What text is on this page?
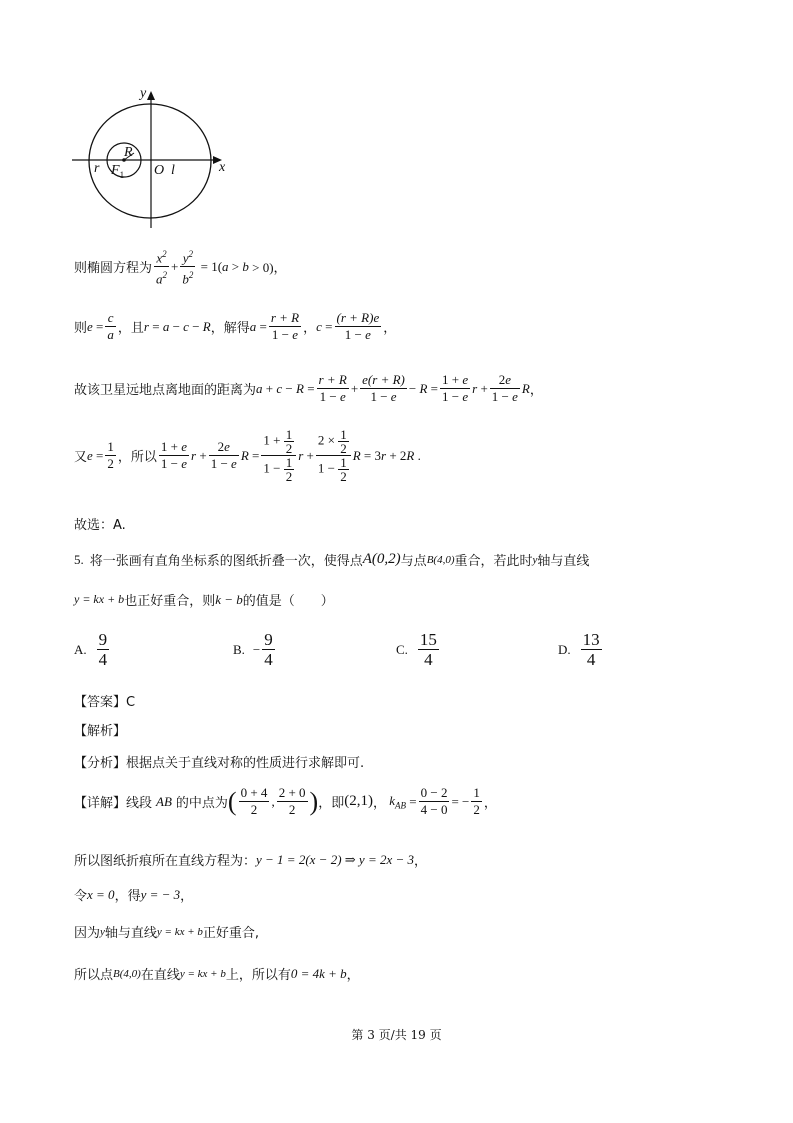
y
x
R
r $F_1$ O l
则椭圆方程为 $\frac{x^2}{a^2} + \frac{y^2}{b^2} = 1$( a > b > 0)，
则 $e = \frac{c}{a}$ ，且 r = a − c − R ，解得 $a = \frac{r + R}{1 - e}$ ， $c = \frac{(r + R)e}{1 - e}$ ，
故该卫星远地点离地面的距离为 $a + c - R = \frac{r + R}{1 - e} + \frac{e(r + R)}{1 - e} - R = \frac{1 + e}{1 - e}$ $r + \frac{2e}{1 - e}$ R ，
又 $e = \frac{1}{2}$ ，所以 $\frac{1 + e}{1 - e}$ $r + \frac{2e}{1 - e}$ $R = \frac{1 + \frac{1}{2}}{1 - \frac{1}{2}}$ $r + \frac{2 \times \frac{1}{2}}{1 - \frac{1}{2}}$ R = 3 r + 2 R .
故选：A.
5. 将一张画有直角坐标系的图纸折叠一次，使得点 A(0,2) 与点 B(4,0) 重合，若此时 y 轴与直线
y = kx + b 也正好重合，则 k − b 的值是（　　）
A. $\frac{9}{4}$	B. − $\frac{9}{4}$	C. $\frac{15}{4}$	D. $\frac{13}{4}$
【答案】C
【解析】
【分析】根据点关于直线对称的性质进行求解即可.
【详解】线段 AB 的中点为 ( $\frac{0 + 4}{2}$ , $\frac{2 + 0}{2}$ ) ，即 (2,1) ， $k_{AB} = \frac{0 - 2}{4 - 0}$ = − $\frac{1}{2}$ ，
所以图纸折痕所在直线方程为： y − 1 = 2(x − 2) ⇒ y = 2x − 3 ，
令 x = 0 ，得 y = − 3 ，
因为 y 轴与直线 y = kx + b 正好重合,
所以点 B(4,0) 在直线 y = kx + b 上，所以有 0 = 4k + b ，
第 3 页/共 19 页
